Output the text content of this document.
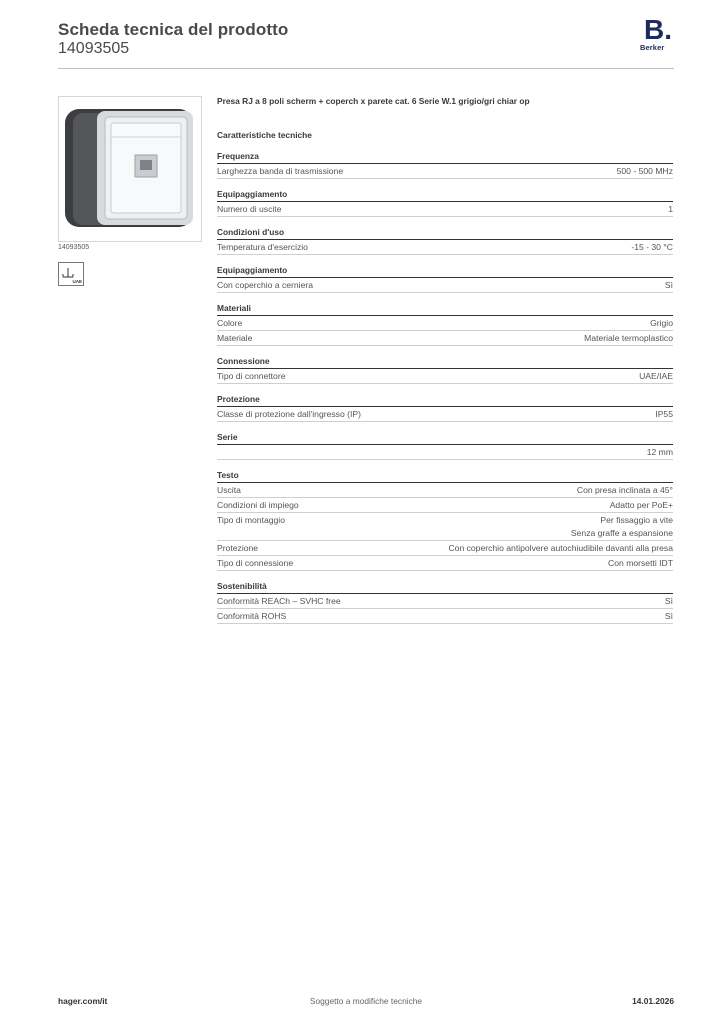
Scheda tecnica del prodotto
14093505
B.
Berker
14093505
UAE
Presa RJ a 8 poli scherm + coperch x parete cat. 6 Serie W.1 grigio/gri chiar op
Caratteristiche tecniche
Frequenza
Larghezza banda di trasmissione	500 - 500 MHz
Equipaggiamento
Numero di uscite	1
Condizioni d'uso
Temperatura d'esercizio	-15 - 30 °C
Equipaggiamento
Con coperchio a cerniera	Sì
Materiali
Colore	Grigio
Materiale	Materiale termoplastico
Connessione
Tipo di connettore	UAE/IAE
Protezione
Classe di protezione dall'ingresso (IP)	IP55
Serie
12 mm
Testo
Uscita	Con presa inclinata a 45°
Condizioni di impiego	Adatto per PoE+
Tipo di montaggio	Per fissaggio a vite
Senza graffe a espansione
Protezione	Con coperchio antipolvere autochiudibile davanti alla presa
Tipo di connessione	Con morsetti IDT
Sostenibilità
Conformità REACh – SVHC free	Sì
Conformità ROHS	Sì
hager.com/it	Soggetto a modifiche tecniche	14.01.2026
